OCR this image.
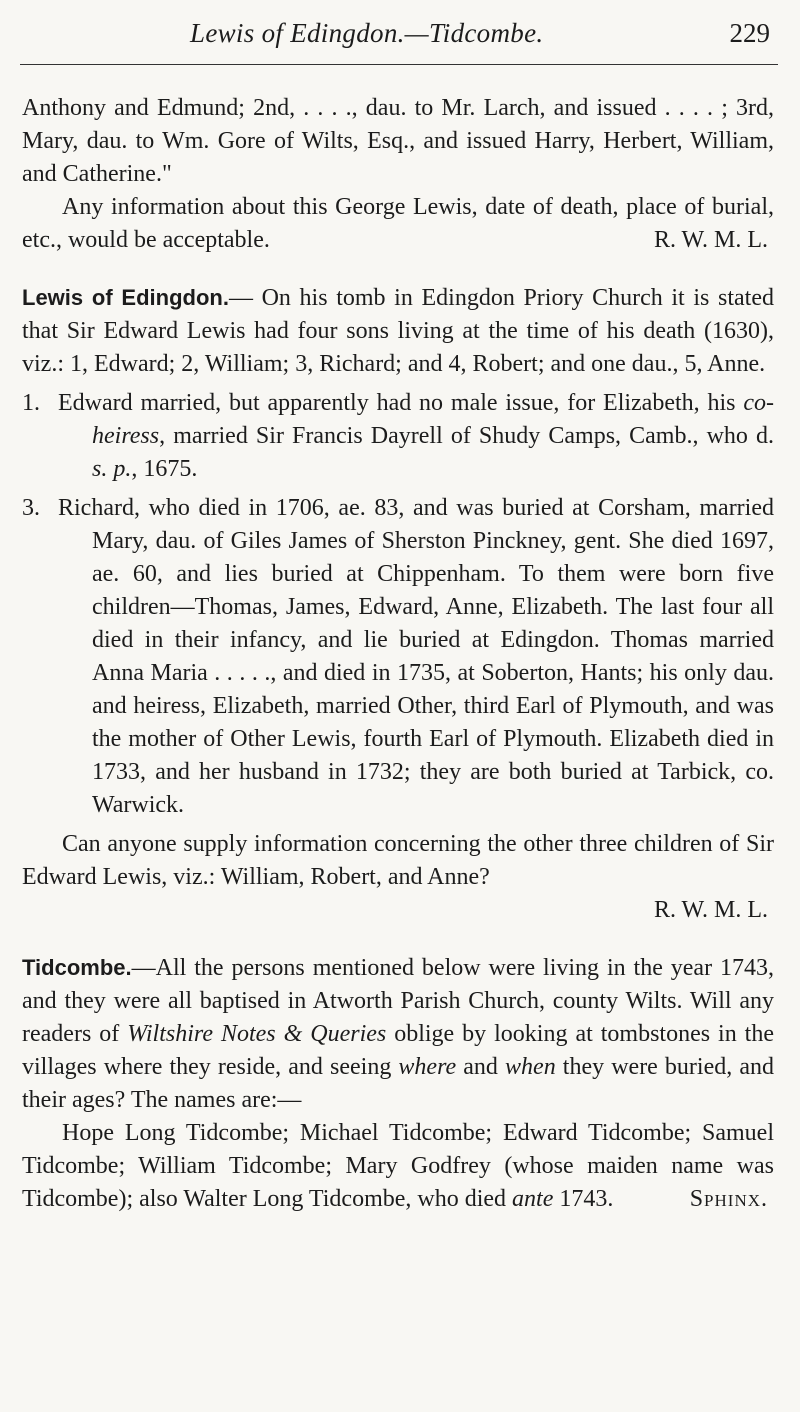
Lewis of Edingdon.—Tidcombe.	229

Anthony and Edmund; 2nd, . . . ., dau. to Mr. Larch, and issued . . . . ; 3rd, Mary, dau. to Wm. Gore of Wilts, Esq., and issued Harry, Herbert, William, and Catherine."

Any information about this George Lewis, date of death, place of burial, etc., would be acceptable.	R. W. M. L.

Lewis of Edingdon.— On his tomb in Edingdon Priory Church it is stated that Sir Edward Lewis had four sons living at the time of his death (1630), viz.: 1, Edward; 2, William; 3, Richard; and 4, Robert; and one dau., 5, Anne.

1. Edward married, but apparently had no male issue, for Elizabeth, his co-heiress, married Sir Francis Dayrell of Shudy Camps, Camb., who d. s. p., 1675.

3. Richard, who died in 1706, ae. 83, and was buried at Corsham, married Mary, dau. of Giles James of Sherston Pinckney, gent. She died 1697, ae. 60, and lies buried at Chippenham. To them were born five children—Thomas, James, Edward, Anne, Elizabeth. The last four all died in their infancy, and lie buried at Edingdon. Thomas married Anna Maria . . . . ., and died in 1735, at Soberton, Hants; his only dau. and heiress, Elizabeth, married Other, third Earl of Plymouth, and was the mother of Other Lewis, fourth Earl of Plymouth. Elizabeth died in 1733, and her husband in 1732; they are both buried at Tarbick, co. Warwick.

Can anyone supply information concerning the other three children of Sir Edward Lewis, viz.: William, Robert, and Anne?

R. W. M. L.

Tidcombe.—All the persons mentioned below were living in the year 1743, and they were all baptised in Atworth Parish Church, county Wilts. Will any readers of Wiltshire Notes & Queries oblige by looking at tombstones in the villages where they reside, and seeing where and when they were buried, and their ages? The names are:—

Hope Long Tidcombe; Michael Tidcombe; Edward Tidcombe; Samuel Tidcombe; William Tidcombe; Mary Godfrey (whose maiden name was Tidcombe); also Walter Long Tidcombe, who died ante 1743.	Sphinx.
